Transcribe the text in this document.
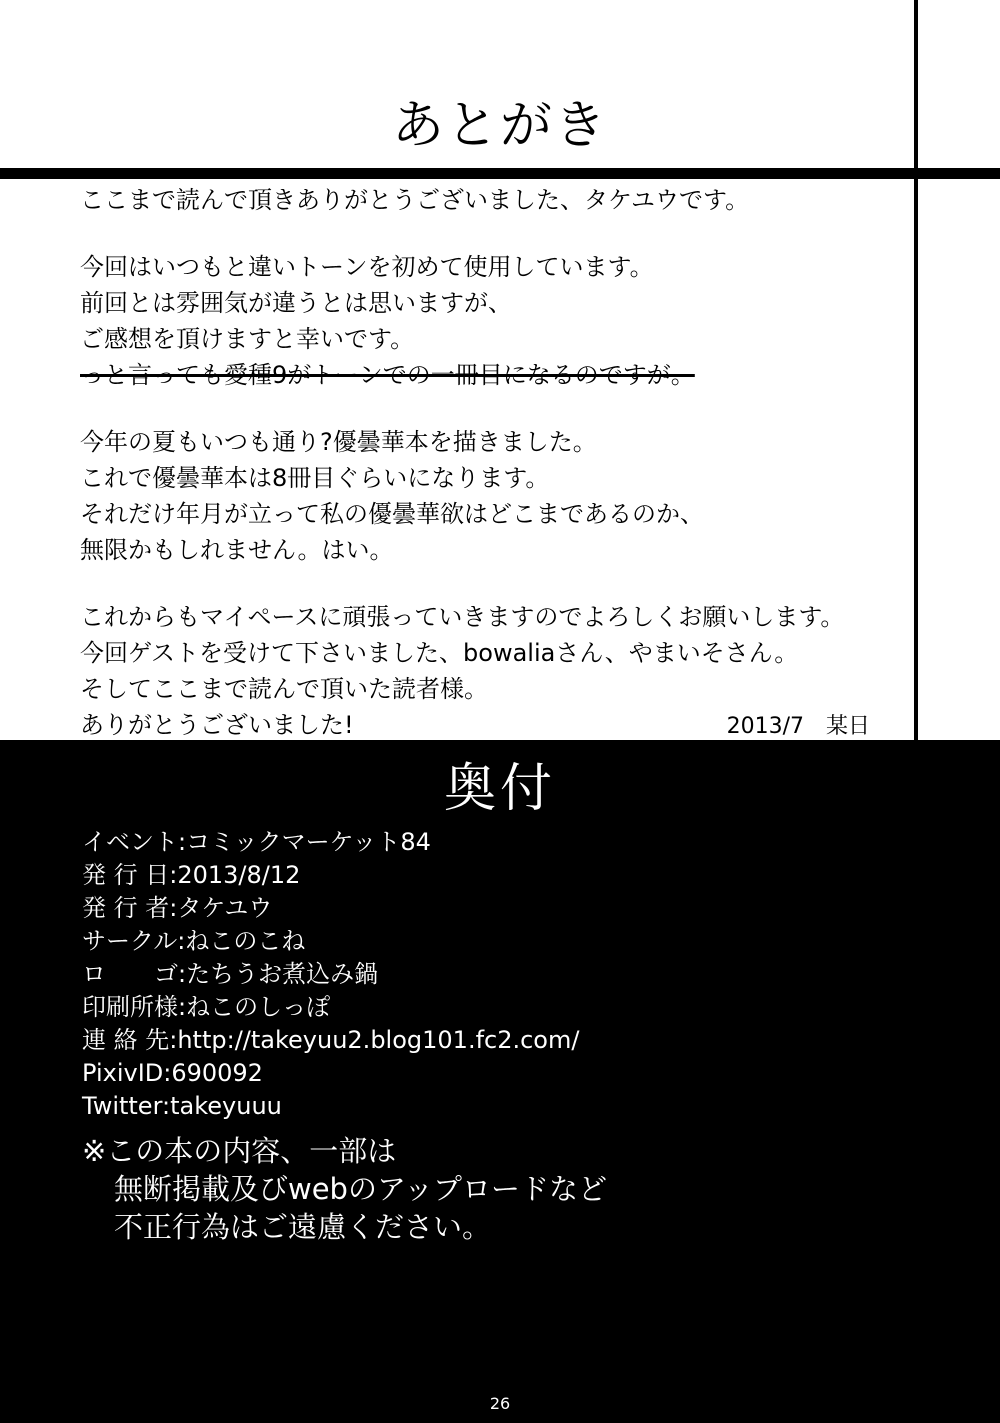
あとがき
ここまで読んで頂きありがとうございました、タケユウです。
今回はいつもと違いトーンを初めて使用しています。
前回とは雰囲気が違うとは思いますが、
ご感想を頂けますと幸いです。
っと言っても愛種9がトーンでの一冊目になるのですが。
今年の夏もいつも通り?優曇華本を描きました。
これで優曇華本は8冊目ぐらいになります。
それだけ年月が立って私の優曇華欲はどこまであるのか、
無限かもしれません。はい。
これからもマイペースに頑張っていきますのでよろしくお願いします。
今回ゲストを受けて下さいました、bowaliaさん、やまいそさん。
そしてここまで読んで頂いた読者様。
ありがとうございました!	2013/7　某日
奥付
イベント:コミックマーケット84
発 行 日:2013/8/12
発 行 者:タケユウ
サークル:ねこのこね
ロ　　ゴ:たちうお煮込み鍋
印刷所様:ねこのしっぽ
連 絡 先:http://takeyuu2.blog101.fc2.com/
PixivID:690092
Twitter:takeyuuu
※この本の内容、一部は
無断掲載及びwebのアップロードなど
不正行為はご遠慮ください。
26
